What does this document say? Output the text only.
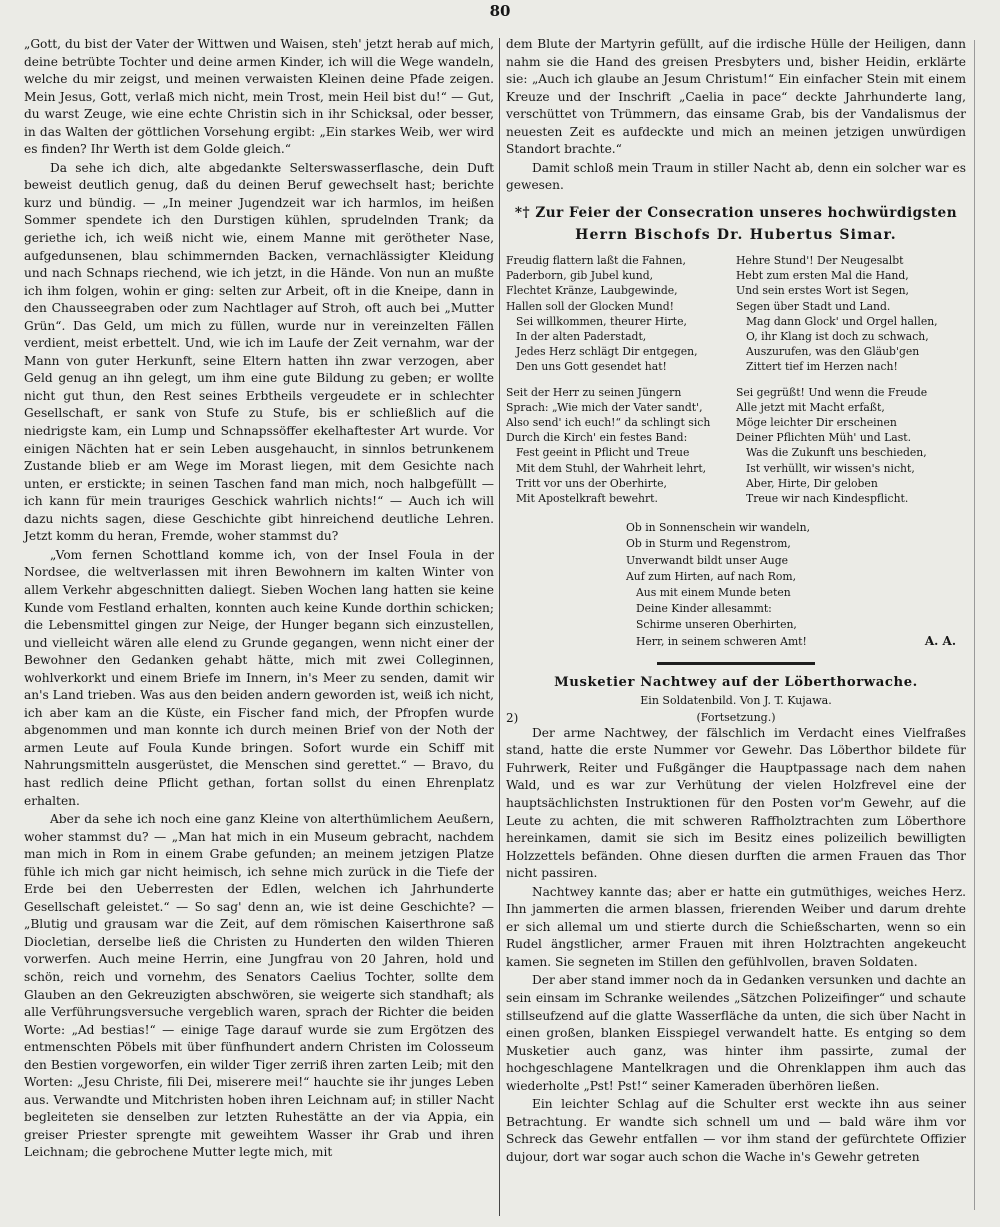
80

„Gott, du bist der Vater der Wittwen und Waisen, steh' jetzt herab auf mich, deine betrübte Tochter und deine armen Kinder, ich will die Wege wandeln, welche du mir zeigst, und meinen verwaisten Kleinen deine Pfade zeigen. Mein Jesus, Gott, verlaß mich nicht, mein Trost, mein Heil bist du!“ — Gut, du warst Zeuge, wie eine echte Christin sich in ihr Schicksal, oder besser, in das Walten der göttlichen Vorsehung ergibt: „Ein starkes Weib, wer wird es finden? Ihr Werth ist dem Golde gleich.“

Da sehe ich dich, alte abgedankte Selterswasserflasche, dein Duft beweist deutlich genug, daß du deinen Beruf gewechselt hast; berichte kurz und bündig. — „In meiner Jugendzeit war ich harmlos, im heißen Sommer spendete ich den Durstigen kühlen, sprudelnden Trank; da geriethe ich, ich weiß nicht wie, einem Manne mit gerötheter Nase, aufgedunsenen, blau schimmernden Backen, vernachlässigter Kleidung und nach Schnaps riechend, wie ich jetzt, in die Hände. Von nun an mußte ich ihm folgen, wohin er ging: selten zur Arbeit, oft in die Kneipe, dann in den Chausseegraben oder zum Nachtlager auf Stroh, oft auch bei „Mutter Grün“. Das Geld, um mich zu füllen, wurde nur in vereinzelten Fällen verdient, meist erbettelt. Und, wie ich im Laufe der Zeit vernahm, war der Mann von guter Herkunft, seine Eltern hatten ihn zwar verzogen, aber Geld genug an ihn gelegt, um ihm eine gute Bildung zu geben; er wollte nicht gut thun, den Rest seines Erbtheils vergeudete er in schlechter Gesellschaft, er sank von Stufe zu Stufe, bis er schließlich auf die niedrigste kam, ein Lump und Schnapssöffer ekelhaftester Art wurde. Vor einigen Nächten hat er sein Leben ausgehaucht, in sinnlos betrunkenem Zustande blieb er am Wege im Morast liegen, mit dem Gesichte nach unten, er erstickte; in seinen Taschen fand man mich, noch halbgefüllt — ich kann für mein trauriges Geschick wahrlich nichts!“ — Auch ich will dazu nichts sagen, diese Geschichte gibt hinreichend deutliche Lehren. Jetzt komm du heran, Fremde, woher stammst du?

„Vom fernen Schottland komme ich, von der Insel Foula in der Nordsee, die weltverlassen mit ihren Bewohnern im kalten Winter von allem Verkehr abgeschnitten daliegt. Sieben Wochen lang hatten sie keine Kunde vom Festland erhalten, konnten auch keine Kunde dorthin schicken; die Lebensmittel gingen zur Neige, der Hunger begann sich einzustellen, und vielleicht wären alle elend zu Grunde gegangen, wenn nicht einer der Bewohner den Gedanken gehabt hätte, mich mit zwei Colleginnen, wohlverkorkt und einem Briefe im Innern, in's Meer zu senden, damit wir an's Land trieben. Was aus den beiden andern geworden ist, weiß ich nicht, ich aber kam an die Küste, ein Fischer fand mich, der Pfropfen wurde abgenommen und man konnte ich durch meinen Brief von der Noth der armen Leute auf Foula Kunde bringen. Sofort wurde ein Schiff mit Nahrungsmitteln ausgerüstet, die Menschen sind gerettet.“ — Bravo, du hast redlich deine Pflicht gethan, fortan sollst du einen Ehrenplatz erhalten.

Aber da sehe ich noch eine ganz Kleine von alterthümlichem Aeußern, woher stammst du? — „Man hat mich in ein Museum gebracht, nachdem man mich in Rom in einem Grabe gefunden; an meinem jetzigen Platze fühle ich mich gar nicht heimisch, ich sehne mich zurück in die Tiefe der Erde bei den Ueberresten der Edlen, welchen ich Jahrhunderte Gesellschaft geleistet.“ — So sag' denn an, wie ist deine Geschichte? — „Blutig und grausam war die Zeit, auf dem römischen Kaiserthrone saß Diocletian, derselbe ließ die Christen zu Hunderten den wilden Thieren vorwerfen. Auch meine Herrin, eine Jungfrau von 20 Jahren, hold und schön, reich und vornehm, des Senators Caelius Tochter, sollte dem Glauben an den Gekreuzigten abschwören, sie weigerte sich standhaft; als alle Verführungsversuche vergeblich waren, sprach der Richter die beiden Worte: „Ad bestias!“ — einige Tage darauf wurde sie zum Ergötzen des entmenschten Pöbels mit über fünfhundert andern Christen im Colosseum den Bestien vorgeworfen, ein wilder Tiger zerriß ihren zarten Leib; mit den Worten: „Jesu Christe, fili Dei, miserere mei!“ hauchte sie ihr junges Leben aus. Verwandte und Mitchristen hoben ihren Leichnam auf; in stiller Nacht begleiteten sie denselben zur letzten Ruhestätte an der via Appia, ein greiser Priester sprengte mit geweihtem Wasser ihr Grab und ihren Leichnam; die gebrochene Mutter legte mich, mit

dem Blute der Martyrin gefüllt, auf die irdische Hülle der Heiligen, dann nahm sie die Hand des greisen Presbyters und, bisher Heidin, erklärte sie: „Auch ich glaube an Jesum Christum!“ Ein einfacher Stein mit einem Kreuze und der Inschrift „Caelia in pace“ deckte Jahrhunderte lang, verschüttet von Trümmern, das einsame Grab, bis der Vandalismus der neuesten Zeit es aufdeckte und mich an meinen jetzigen unwürdigen Standort brachte.“

Damit schloß mein Traum in stiller Nacht ab, denn ein solcher war es gewesen.

*† Zur Feier der Consecration unseres hochwürdigsten
Herrn Bischofs Dr. Hubertus Simar.
Freudig flattern laßt die Fahnen,
Paderborn, gib Jubel kund,
Flechtet Kränze, Laubgewinde,
Hallen soll der Glocken Mund!
Sei willkommen, theurer Hirte,
In der alten Paderstadt,
Jedes Herz schlägt Dir entgegen,
Den uns Gott gesendet hat!
Seit der Herr zu seinen Jüngern
Sprach: „Wie mich der Vater sandt',
Also send' ich euch!“ da schlingt sich
Durch die Kirch' ein festes Band:
Fest geeint in Pflicht und Treue
Mit dem Stuhl, der Wahrheit lehrt,
Tritt vor uns der Oberhirte,
Mit Apostelkraft bewehrt.
Hehre Stund'! Der Neugesalbt
Hebt zum ersten Mal die Hand,
Und sein erstes Wort ist Segen,
Segen über Stadt und Land.
Mag dann Glock' und Orgel hallen,
O, ihr Klang ist doch zu schwach,
Auszurufen, was den Gläub'gen
Zittert tief im Herzen nach!
Sei gegrüßt! Und wenn die Freude
Alle jetzt mit Macht erfaßt,
Möge leichter Dir erscheinen
Deiner Pflichten Müh' und Last.
Was die Zukunft uns beschieden,
Ist verhüllt, wir wissen's nicht,
Aber, Hirte, Dir geloben
Treue wir nach Kindespflicht.
Ob in Sonnenschein wir wandeln,
Ob in Sturm und Regenstrom,
Unverwandt bildt unser Auge
Auf zum Hirten, auf nach Rom,
Aus mit einem Munde beten
Deine Kinder allesammt:
Schirme unseren Oberhirten,
Herr, in seinem schweren Amt!	A. A.
Musketier Nachtwey auf der Löberthorwache.
Ein Soldatenbild. Von J. T. Kujawa.
2)	(Fortsetzung.)

Der arme Nachtwey, der fälschlich im Verdacht eines Vielfraßes stand, hatte die erste Nummer vor Gewehr. Das Löberthor bildete für Fuhrwerk, Reiter und Fußgänger die Hauptpassage nach dem nahen Wald, und es war zur Verhütung der vielen Holzfrevel eine der hauptsächlichsten Instruktionen für den Posten vor'm Gewehr, auf die Leute zu achten, die mit schweren Raffholztrachten zum Löberthore hereinkamen, damit sie sich im Besitz eines polizeilich bewilligten Holzzettels befänden. Ohne diesen durften die armen Frauen das Thor nicht passiren.

Nachtwey kannte das; aber er hatte ein gutmüthiges, weiches Herz. Ihn jammerten die armen blassen, frierenden Weiber und darum drehte er sich allemal um und stierte durch die Schießscharten, wenn so ein Rudel ängstlicher, armer Frauen mit ihren Holztrachten angekeucht kamen. Sie segneten im Stillen den gefühlvollen, braven Soldaten.

Der aber stand immer noch da in Gedanken versunken und dachte an sein einsam im Schranke weilendes „Sätzchen Polizeifinger“ und schaute stillseufzend auf die glatte Wasserfläche da unten, die sich über Nacht in einen großen, blanken Eisspiegel verwandelt hatte. Es entging so dem Musketier auch ganz, was hinter ihm passirte, zumal der hochgeschlagene Mantelkragen und die Ohrenklappen ihm auch das wiederholte „Pst! Pst!“ seiner Kameraden überhören ließen.

Ein leichter Schlag auf die Schulter erst weckte ihn aus seiner Betrachtung. Er wandte sich schnell um und — bald wäre ihm vor Schreck das Gewehr entfallen — vor ihm stand der gefürchtete Offizier dujour, dort war sogar auch schon die Wache in's Gewehr getreten
